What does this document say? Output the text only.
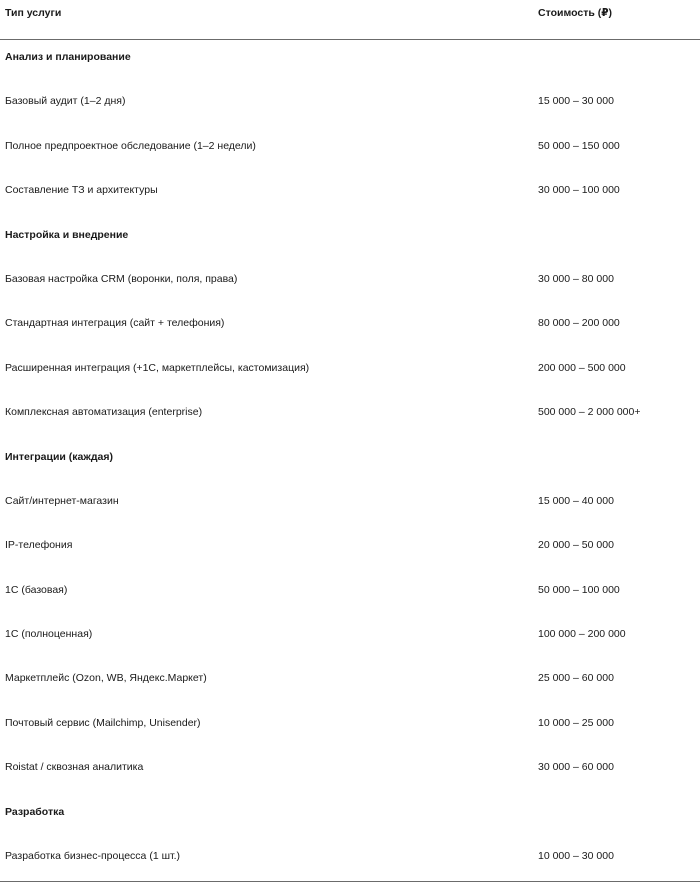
Тип услуги	Стоимость (₽)
Анализ и планирование
Базовый аудит (1–2 дня)	15 000 – 30 000
Полное предпроектное обследование (1–2 недели)	50 000 – 150 000
Составление ТЗ и архитектуры	30 000 – 100 000
Настройка и внедрение
Базовая настройка CRM (воронки, поля, права)	30 000 – 80 000
Стандартная интеграция (сайт + телефония)	80 000 – 200 000
Расширенная интеграция (+1С, маркетплейсы, кастомизация)	200 000 – 500 000
Комплексная автоматизация (enterprise)	500 000 – 2 000 000+
Интеграции (каждая)
Сайт/интернет-магазин	15 000 – 40 000
IP-телефония	20 000 – 50 000
1С (базовая)	50 000 – 100 000
1С (полноценная)	100 000 – 200 000
Маркетплейс (Ozon, WB, Яндекс.Маркет)	25 000 – 60 000
Почтовый сервис (Mailchimp, Unisender)	10 000 – 25 000
Roistat / сквозная аналитика	30 000 – 60 000
Разработка
Разработка бизнес-процесса (1 шт.)	10 000 – 30 000
